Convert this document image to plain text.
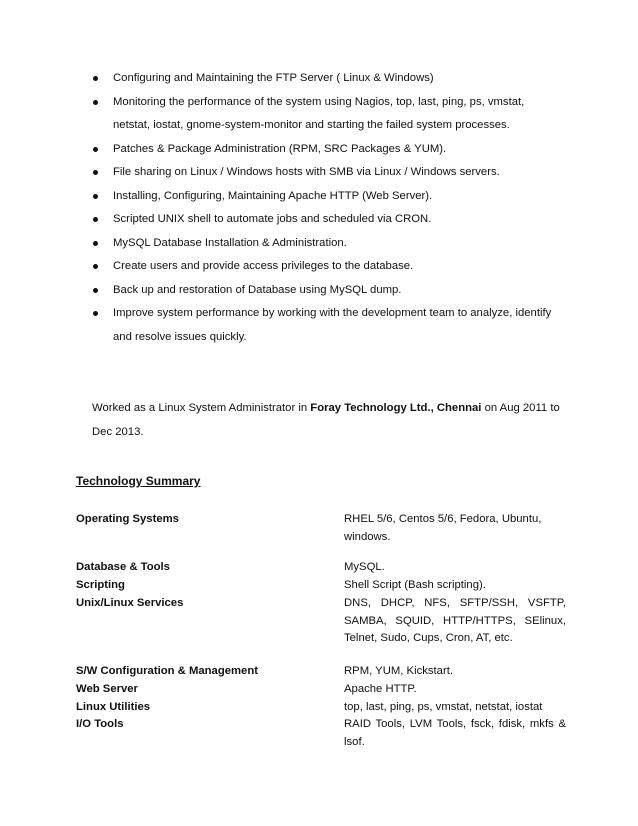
Configuring and Maintaining the FTP Server ( Linux & Windows)
Monitoring the performance of the system using Nagios, top, last, ping, ps, vmstat, netstat, iostat, gnome-system-monitor and starting the failed system processes.
Patches & Package Administration (RPM, SRC Packages & YUM).
File sharing on Linux / Windows hosts with SMB via Linux / Windows servers.
Installing, Configuring, Maintaining Apache HTTP (Web Server).
Scripted UNIX shell to automate jobs and scheduled via CRON.
MySQL Database Installation & Administration.
Create users and provide access privileges to the database.
Back up and restoration of Database using MySQL dump.
Improve system performance by working with the development team to analyze, identify and resolve issues quickly.
Worked as a Linux System Administrator in Foray Technology Ltd., Chennai on Aug 2011 to Dec 2013.
Technology Summary
Operating Systems	RHEL 5/6, Centos 5/6, Fedora, Ubuntu, windows.
Database & Tools	MySQL.
Scripting	Shell Script (Bash scripting).
Unix/Linux Services	DNS, DHCP, NFS, SFTP/SSH, VSFTP, SAMBA, SQUID, HTTP/HTTPS, SElinux, Telnet, Sudo, Cups, Cron, AT, etc.
S/W Configuration & Management	RPM, YUM, Kickstart.
Web Server	Apache HTTP.
Linux Utilities	top, last, ping, ps, vmstat, netstat, iostat
I/O Tools	RAID Tools, LVM Tools, fsck, fdisk, mkfs & lsof.
